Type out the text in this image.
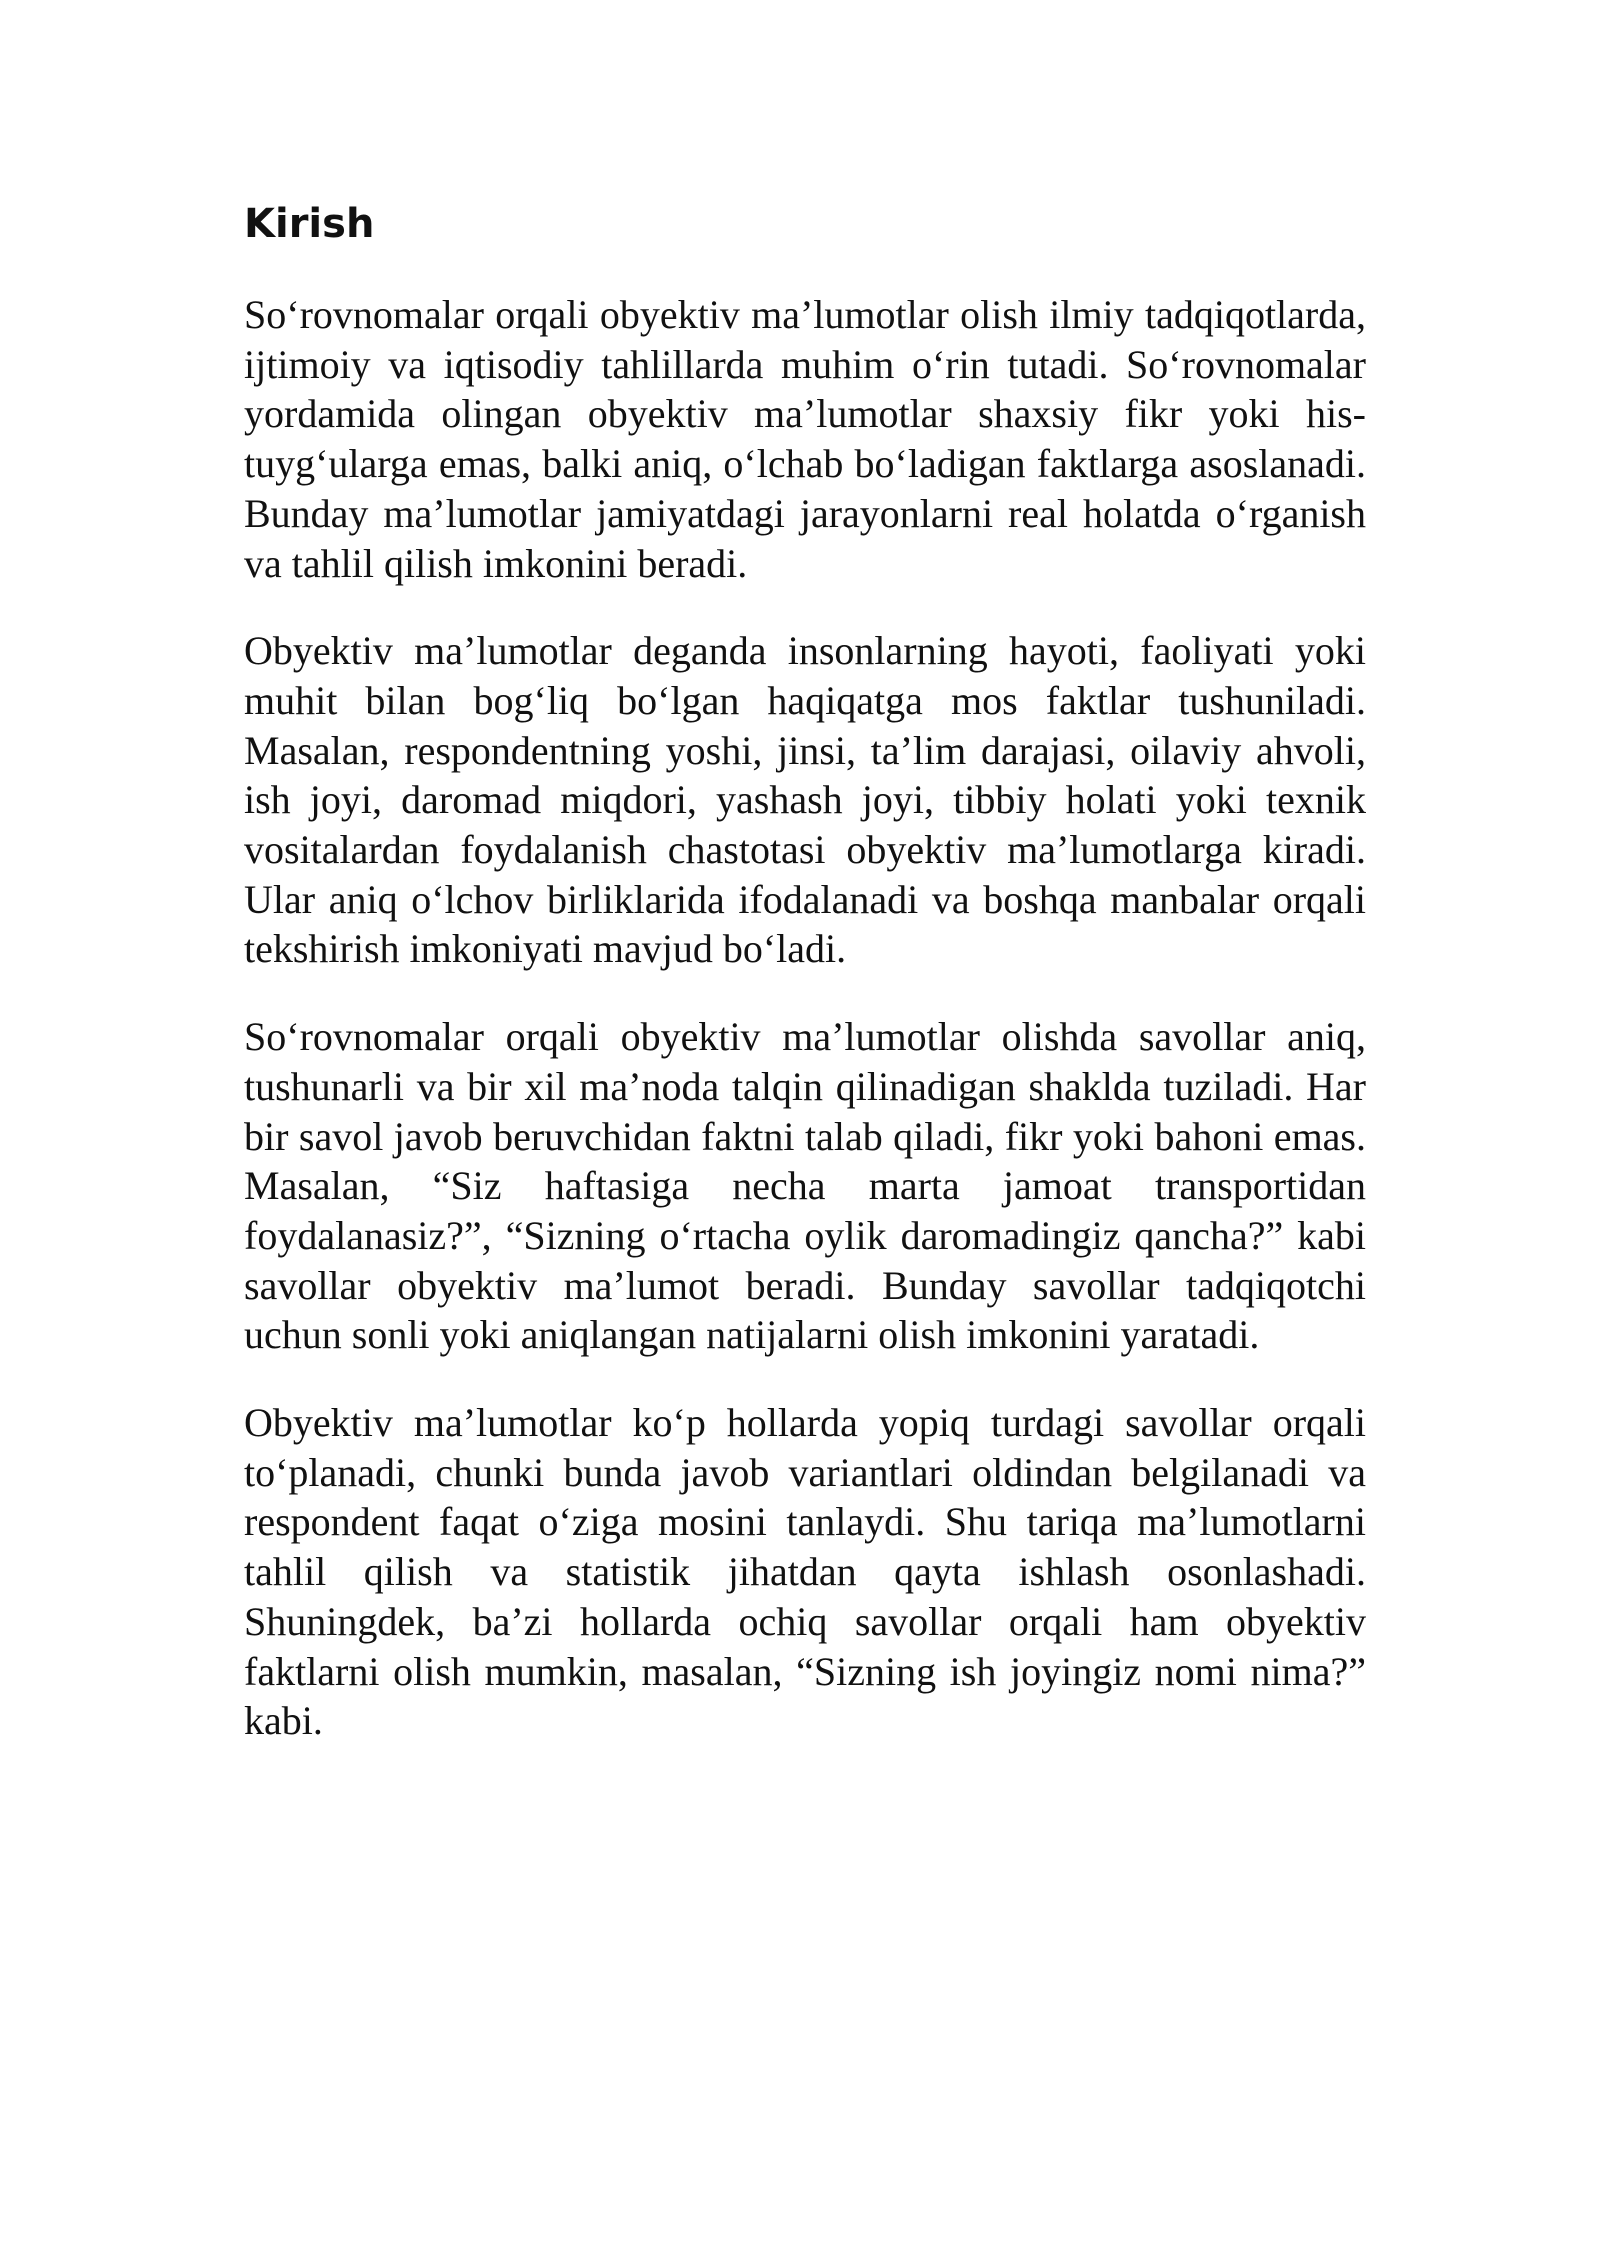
Kirish

So‘rovnomalar orqali obyektiv ma’lumotlar olish ilmiy tadqiqotlarda, ijtimoiy va iqtisodiy tahlillarda muhim o‘rin tutadi. So‘rovnomalar yordamida olingan obyektiv ma’lumotlar shaxsiy fikr yoki his-tuyg‘ularga emas, balki aniq, o‘lchab bo‘ladigan faktlarga asoslanadi. Bunday ma’lumotlar jamiyatdagi jarayonlarni real holatda o‘rganish va tahlil qilish imkonini beradi.

Obyektiv ma’lumotlar deganda insonlarning hayoti, faoliyati yoki muhit bilan bog‘liq bo‘lgan haqiqatga mos faktlar tushuniladi. Masalan, respondentning yoshi, jinsi, ta’lim darajasi, oilaviy ahvoli, ish joyi, daromad miqdori, yashash joyi, tibbiy holati yoki texnik vositalardan foydalanish chastotasi obyektiv ma’lumotlarga kiradi. Ular aniq o‘lchov birliklarida ifodalanadi va boshqa manbalar orqali tekshirish imkoniyati mavjud bo‘ladi.

So‘rovnomalar orqali obyektiv ma’lumotlar olishda savollar aniq, tushunarli va bir xil ma’noda talqin qilinadigan shaklda tuziladi. Har bir savol javob beruvchidan faktni talab qiladi, fikr yoki bahoni emas. Masalan, “Siz haftasiga necha marta jamoat transportidan foydalanasiz?”, “Sizning o‘rtacha oylik daromadingiz qancha?” kabi savollar obyektiv ma’lumot beradi. Bunday savollar tadqiqotchi uchun sonli yoki aniqlangan natijalarni olish imkonini yaratadi.

Obyektiv ma’lumotlar ko‘p hollarda yopiq turdagi savollar orqali to‘planadi, chunki bunda javob variantlari oldindan belgilanadi va respondent faqat o‘ziga mosini tanlaydi. Shu tariqa ma’lumotlarni tahlil qilish va statistik jihatdan qayta ishlash osonlashadi. Shuningdek, ba’zi hollarda ochiq savollar orqali ham obyektiv faktlarni olish mumkin, masalan, “Sizning ish joyingiz nomi nima?” kabi.
